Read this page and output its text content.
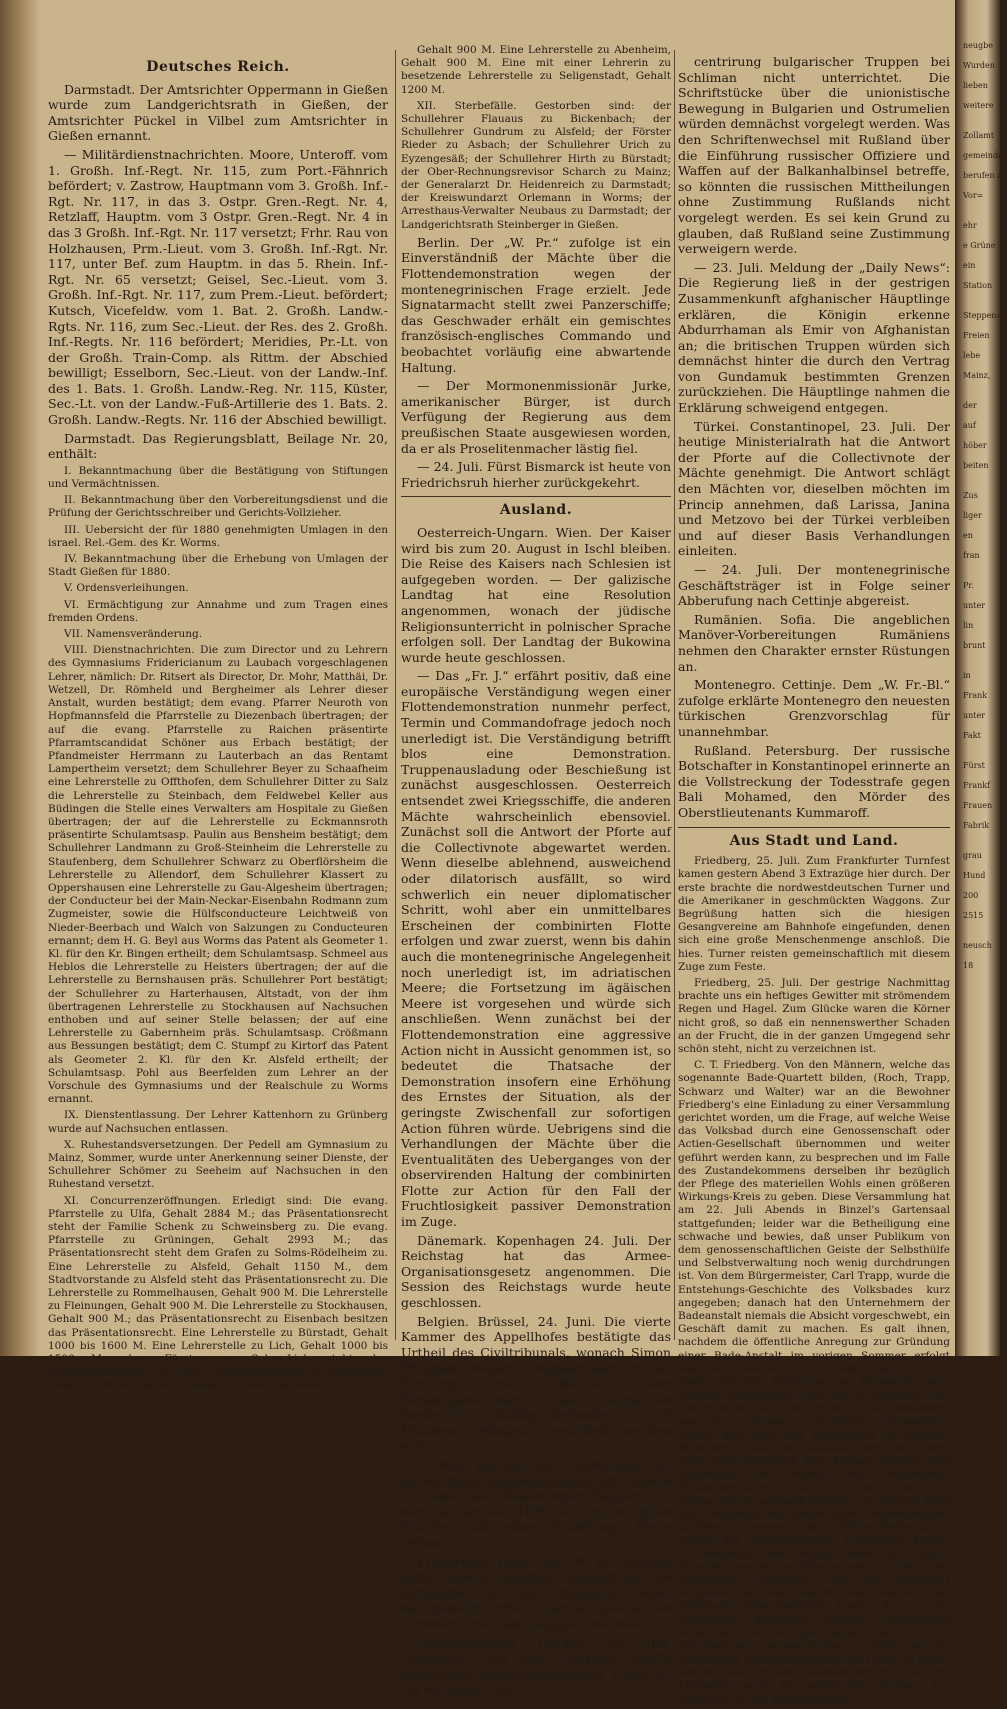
Deutsches Reich.

Darmstadt. Der Amtsrichter Oppermann in Gießen wurde zum Landgerichtsrath in Gießen, der Amtsrichter Pückel in Vilbel zum Amtsrichter in Gießen ernannt.

— Militärdienstnachrichten. Moore, Unteroff. vom 1. Großh. Inf.-Regt. Nr. 115, zum Port.-Fähnrich befördert; v. Zastrow, Hauptmann vom 3. Großh. Inf.-Rgt. Nr. 117, in das 3. Ostpr. Gren.-Regt. Nr. 4, Retzlaff, Hauptm. vom 3 Ostpr. Gren.-Regt. Nr. 4 in das 3 Großh. Inf.-Rgt. Nr. 117 versetzt; Frhr. Rau von Holzhausen, Prm.-Lieut. vom 3. Großh. Inf.-Rgt. Nr. 117, unter Bef. zum Hauptm. in das 5. Rhein. Inf.-Rgt. Nr. 65 versetzt; Geisel, Sec.-Lieut. vom 3. Großh. Inf.-Rgt. Nr. 117, zum Prem.-Lieut. befördert; Kutsch, Vicefeldw. vom 1. Bat. 2. Großh. Landw.-Rgts. Nr. 116, zum Sec.-Lieut. der Res. des 2. Großh. Inf.-Regts. Nr. 116 befördert; Meridies, Pr.-Lt. von der Großh. Train-Comp. als Rittm. der Abschied bewilligt; Esselborn, Sec.-Lieut. von der Landw.-Inf. des 1. Bats. 1. Großh. Landw.-Reg. Nr. 115, Küster, Sec.-Lt. von der Landw.-Fuß-Artillerie des 1. Bats. 2. Großh. Landw.-Regts. Nr. 116 der Abschied bewilligt.

Darmstadt. Das Regierungsblatt, Beilage Nr. 20, enthält:

I. Bekanntmachung über die Bestätigung von Stiftungen und Vermächtnissen.

II. Bekanntmachung über den Vorbereitungsdienst und die Prüfung der Gerichtsschreiber und Gerichts-Vollzieher.

III. Uebersicht der für 1880 genehmigten Umlagen in den israel. Rel.-Gem. des Kr. Worms.

IV. Bekanntmachung über die Erhebung von Umlagen der Stadt Gießen für 1880.

V. Ordensverleihungen.

VI. Ermächtigung zur Annahme und zum Tragen eines fremden Ordens.

VII. Namensveränderung.

VIII. Dienstnachrichten. Die zum Director und zu Lehrern des Gymnasiums Fridericianum zu Laubach vorgeschlagenen Lehrer, nämlich: Dr. Ritsert als Director, Dr. Mohr, Matthäi, Dr. Wetzell, Dr. Römheld und Bergheimer als Lehrer dieser Anstalt, wurden bestätigt; dem evang. Pfarrer Neuroth von Hopfmannsfeld die Pfarrstelle zu Diezenbach übertragen; der auf die evang. Pfarrstelle zu Raichen präsentirte Pfarramtscandidat Schöner aus Erbach bestätigt; der Pfandmeister Herrmann zu Lauterbach an das Rentamt Lampertheim versetzt; dem Schullehrer Beyer zu Schaafheim eine Lehrerstelle zu Offthofen, dem Schullehrer Ditter zu Salz die Lehrerstelle zu Steinbach, dem Feldwebel Keller aus Büdingen die Stelle eines Verwalters am Hospitale zu Gießen übertragen; der auf die Lehrerstelle zu Eckmannsroth präsentirte Schulamtsasp. Paulin aus Bensheim bestätigt; dem Schullehrer Landmann zu Groß-Steinheim die Lehrerstelle zu Staufenberg, dem Schullehrer Schwarz zu Oberflörsheim die Lehrerstelle zu Allendorf, dem Schullehrer Klassert zu Oppershausen eine Lehrerstelle zu Gau-Algesheim übertragen; der Conducteur bei der Main-Neckar-Eisenbahn Rodmann zum Zugmeister, sowie die Hülfsconducteure Leichtweiß von Nieder-Beerbach und Walch von Salzungen zu Conducteuren ernannt; dem H. G. Beyl aus Worms das Patent als Geometer 1. Kl. für den Kr. Bingen ertheilt; dem Schulamtsasp. Schmeel aus Heblos die Lehrerstelle zu Heisters übertragen; der auf die Lehrerstelle zu Bernshausen präs. Schullehrer Port bestätigt; der Schullehrer zu Harterhausen, Altstadt, von der ihm übertragenen Lehrerstelle zu Stockhausen auf Nachsuchen enthoben und auf seiner Stelle belassen; der auf eine Lehrerstelle zu Gabernheim präs. Schulamtsasp. Crößmann aus Bessungen bestätigt; dem C. Stumpf zu Kirtorf das Patent als Geometer 2. Kl. für den Kr. Alsfeld ertheilt; der Schulamtsasp. Pohl aus Beerfelden zum Lehrer an der Vorschule des Gymnasiums und der Realschule zu Worms ernannt.

IX. Dienstentlassung. Der Lehrer Kattenhorn zu Grünberg wurde auf Nachsuchen entlassen.

X. Ruhestandsversetzungen. Der Pedell am Gymnasium zu Mainz, Sommer, wurde unter Anerkennung seiner Dienste, der Schullehrer Schömer zu Seeheim auf Nachsuchen in den Ruhestand versetzt.

XI. Concurrenzeröffnungen. Erledigt sind: Die evang. Pfarrstelle zu Ulfa, Gehalt 2884 M.; das Präsentationsrecht steht der Familie Schenk zu Schweinsberg zu. Die evang. Pfarrstelle zu Grüningen, Gehalt 2993 M.; das Präsentationsrecht steht dem Grafen zu Solms-Rödelheim zu. Eine Lehrerstelle zu Alsfeld, Gehalt 1150 M., dem Stadtvorstande zu Alsfeld steht das Präsentationsrecht zu. Die Lehrerstelle zu Rommelhausen, Gehalt 900 M. Die Lehrerstelle zu Fleinungen, Gehalt 900 M. Die Lehrerstelle zu Stockhausen, Gehalt 900 M.; das Präsentationsrecht zu Eisenbach besitzen das Präsentationsrecht. Eine Lehrerstelle zu Bürstadt, Gehalt 1000 bis 1600 M. Eine Lehrerstelle zu Lich, Gehalt 1000 bis 1500 M.; dem Fürsten zu Solms-Lich steht das Präsentationsrecht zu. Eine Lehrerinnenstelle zu Viernheim, Gehalt 1000 M. Die Lehrerstelle zu Ober-Laudenbach,

Gehalt 900 M. Eine Lehrerstelle zu Abenheim, Gehalt 900 M. Eine mit einer Lehrerin zu besetzende Lehrerstelle zu Seligenstadt, Gehalt 1200 M.

XII. Sterbefälle. Gestorben sind: der Schullehrer Flauaus zu Bickenbach; der Schullehrer Gundrum zu Alsfeld; der Förster Rieder zu Asbach; der Schullehrer Urich zu Eyzengesäß; der Schullehrer Hirth zu Bürstadt; der Ober-Rechnungsrevisor Scharch zu Mainz; der Generalarzt Dr. Heidenreich zu Darmstadt; der Kreiswundarzt Orlemann in Worms; der Arresthaus-Verwalter Neubaus zu Darmstadt; der Landgerichtsrath Steinberger in Gießen.

Berlin. Der „W. Pr.“ zufolge ist ein Einverständniß der Mächte über die Flottendemonstration wegen der montenegrinischen Frage erzielt. Jede Signatarmacht stellt zwei Panzerschiffe; das Geschwader erhält ein gemischtes französisch-englisches Commando und beobachtet vorläufig eine abwartende Haltung.

— Der Mormonenmissionär Jurke, amerikanischer Bürger, ist durch Verfügung der Regierung aus dem preußischen Staate ausgewiesen worden, da er als Proselitenmacher lästig fiel.

— 24. Juli. Fürst Bismarck ist heute von Friedrichsruh hierher zurückgekehrt.

Ausland.

Oesterreich-Ungarn. Wien. Der Kaiser wird bis zum 20. August in Ischl bleiben. Die Reise des Kaisers nach Schlesien ist aufgegeben worden. — Der galizische Landtag hat eine Resolution angenommen, wonach der jüdische Religionsunterricht in polnischer Sprache erfolgen soll. Der Landtag der Bukowina wurde heute geschlossen.

— Das „Fr. J.“ erfährt positiv, daß eine europäische Verständigung wegen einer Flottendemonstration nunmehr perfect, Termin und Commandofrage jedoch noch unerledigt ist. Die Verständigung betrifft blos eine Demonstration. Truppenausladung oder Beschießung ist zunächst ausgeschlossen. Oesterreich entsendet zwei Kriegsschiffe, die anderen Mächte wahrscheinlich ebensoviel. Zunächst soll die Antwort der Pforte auf die Collectivnote abgewartet werden. Wenn dieselbe ablehnend, ausweichend oder dilatorisch ausfällt, so wird schwerlich ein neuer diplomatischer Schritt, wohl aber ein unmittelbares Erscheinen der combinirten Flotte erfolgen und zwar zuerst, wenn bis dahin auch die montenegrinische Angelegenheit noch unerledigt ist, im adriatischen Meere; die Fortsetzung im ägäischen Meere ist vorgesehen und würde sich anschließen. Wenn zunächst bei der Flottendemonstration eine aggressive Action nicht in Aussicht genommen ist, so bedeutet die Thatsache der Demonstration insofern eine Erhöhung des Ernstes der Situation, als der geringste Zwischenfall zur sofortigen Action führen würde. Uebrigens sind die Verhandlungen der Mächte über die Eventualitäten des Ueberganges von der observirenden Haltung der combinirten Flotte zur Action für den Fall der Fruchtlosigkeit passiver Demonstration im Zuge.

Dänemark. Kopenhagen 24. Juli. Der Reichstag hat das Armee-Organisationsgesetz angenommen. Die Session des Reichstags wurde heute geschlossen.

Belgien. Brüssel, 24. Juni. Die vierte Kammer des Appellhofes bestätigte das Urtheil des Civiltribunals, wonach Simon Philippart wegen Irregularitäten in der Führung der Bücher und Börsenoperationen des einfachen Bankerots schuldig befunden, zu 6 Monaten Gefängniß verurtheilt worden war.

— Man bereitet im Ministerium der auswärtigen Angelegenheiten ein Exposé vor über alle Beziehungen Belgiens zu dem Vatican seit 1830 bis zum erfolgten Bruche, mit einer Einleitung Frere Orbans.

Frankreich. Paris. Der „W. Pr.“ zufolge hätte General Bourbaki unlängst um die Aufnahme in das russische Heer nachgesucht, erhielt aber aus politischen Gründen einen abschlägigen Bescheid.

Großbritannien. London, 23. Juli. Unterhaus. Auf eine Anfrage Wolff's antwortete Unterstaatssecretär Dilke, er sei von einer Con-

centrirung bulgarischer Truppen bei Schliman nicht unterrichtet. Die Schriftstücke über die unionistische Bewegung in Bulgarien und Ostrumelien würden demnächst vorgelegt werden. Was den Schriftenwechsel mit Rußland über die Einführung russischer Offiziere und Waffen auf der Balkanhalbinsel betreffe, so könnten die russischen Mittheilungen ohne Zustimmung Rußlands nicht vorgelegt werden. Es sei kein Grund zu glauben, daß Rußland seine Zustimmung verweigern werde.

— 23. Juli. Meldung der „Daily News“: Die Regierung ließ in der gestrigen Zusammenkunft afghanischer Häuptlinge erklären, die Königin erkenne Abdurrhaman als Emir von Afghanistan an; die britischen Truppen würden sich demnächst hinter die durch den Vertrag von Gundamuk bestimmten Grenzen zurückziehen. Die Häuptlinge nahmen die Erklärung schweigend entgegen.

Türkei. Constantinopel, 23. Juli. Der heutige Ministerialrath hat die Antwort der Pforte auf die Collectivnote der Mächte genehmigt. Die Antwort schlägt den Mächten vor, dieselben möchten im Princip annehmen, daß Larissa, Janina und Metzovo bei der Türkei verbleiben und auf dieser Basis Verhandlungen einleiten.

— 24. Juli. Der montenegrinische Geschäftsträger ist in Folge seiner Abberufung nach Cettinje abgereist.

Rumänien. Sofia. Die angeblichen Manöver-Vorbereitungen Rumäniens nehmen den Charakter ernster Rüstungen an.

Montenegro. Cettinje. Dem „W. Fr.-Bl.“ zufolge erklärte Montenegro den neuesten türkischen Grenzvorschlag für unannehmbar.

Rußland. Petersburg. Der russische Botschafter in Konstantinopel erinnerte an die Vollstreckung der Todesstrafe gegen Bali Mohamed, den Mörder des Oberstlieutenants Kummaroff.

Aus Stadt und Land.

Friedberg, 25. Juli. Zum Frankfurter Turnfest kamen gestern Abend 3 Extrazüge hier durch. Der erste brachte die nordwestdeutschen Turner und die Amerikaner in geschmückten Waggons. Zur Begrüßung hatten sich die hiesigen Gesangvereine am Bahnhofe eingefunden, denen sich eine große Menschenmenge anschloß. Die hies. Turner reisten gemeinschaftlich mit diesem Zuge zum Feste.

Friedberg, 25. Juli. Der gestrige Nachmittag brachte uns ein heftiges Gewitter mit strömendem Regen und Hagel. Zum Glücke waren die Körner nicht groß, so daß ein nennenswerther Schaden an der Frucht, die in der ganzen Umgegend sehr schön steht, nicht zu verzeichnen ist.

C. T. Friedberg. Von den Männern, welche das sogenannte Bade-Quartett bilden, (Roch, Trapp, Schwarz und Walter) war an die Bewohner Friedberg's eine Einladung zu einer Versammlung gerichtet worden, um die Frage, auf welche Weise das Volksbad durch eine Genossenschaft oder Actien-Gesellschaft übernommen und weiter geführt werden kann, zu besprechen und im Falle des Zustandekommens derselben ihr bezüglich der Pflege des materiellen Wohls einen größeren Wirkungs-Kreis zu geben. Diese Versammlung hat am 22. Juli Abends in Binzel's Gartensaal stattgefunden; leider war die Betheiligung eine schwache und bewies, daß unser Publikum von dem genossenschaftlichen Geiste der Selbsthülfe und Selbstverwaltung noch wenig durchdrungen ist. Von dem Bürgermeister, Carl Trapp, wurde die Entstehungs-Geschichte des Volksbades kurz angegeben; danach hat den Unternehmern der Badeanstalt niemals die Absicht vorgeschwebt, ein Geschäft damit zu machen. Es galt ihnen, nachdem die öffentliche Anregung zur Gründung einer Bade-Anstalt im vorigen Sommer erfolgt war, rasch eine solche zu schaffen und nicht die beste Zeit mit Abhaltung von Versammlungen, Statuten-Berathungen und dgl. zu verlieren. Das Unternehmen hat seine Probezeit gut bestanden; wie von G. Schwarz mit Ziffern nachgewiesen wurde, gibt auch ihre Rentabilität zu keinerlei Bedenken Anlaß. Das Volksbad wird ihm jedem Jahre mehr Bedürfniß aller Klassen werden; eine Steigerung der hieraus sich ergebenden Einnahmen wird die natürliche Folge sein. — G. Ermus gibt zu erwägen anheim, ob nicht im Falle der Gründung der projektirten Genossenschaft größeres Interesse und größere Betheiligung seitens der Einwohnerschaft Friedberg's hierfür zu erwarten sein würde, wenn der Zweck derselben weiter gegriffen würde. Nachdem der Vorsitzende hervorhob, daß ein derartiges Vorgehen mit der Absicht der Besitzer des Volksbades übereinstimme, fanden die von Dr. Weckerling gestellten Anträge einstimmige Annahme. Die Anträge gehen dahin, 1) in Friedberg eine Genossenschaft zur Förderung der öffentlichen Gesundheitspflege ins Leben zu rufen, welche zunächst das Volksbad erwirbt und ihre Thätigkeit nach der erwähnten Richtung hin erweitert; 2) den gegenwärtigen

neugbe
Wurden
lieben
weitere
Zollamt
gemeinde
berufen zu
Vor=
ehr
e Grüne
ein
Station
Steppen=
Freien
lebe
Mainz,
der
auf
höber
beiten
Zus
liger
en
fran
Pr.
unter
lin
brunt
in
Frank
unter
Fakt
Fürst
Frankf
Frauen
Fabrik
grau
Hund
200
2515
neusch
18
